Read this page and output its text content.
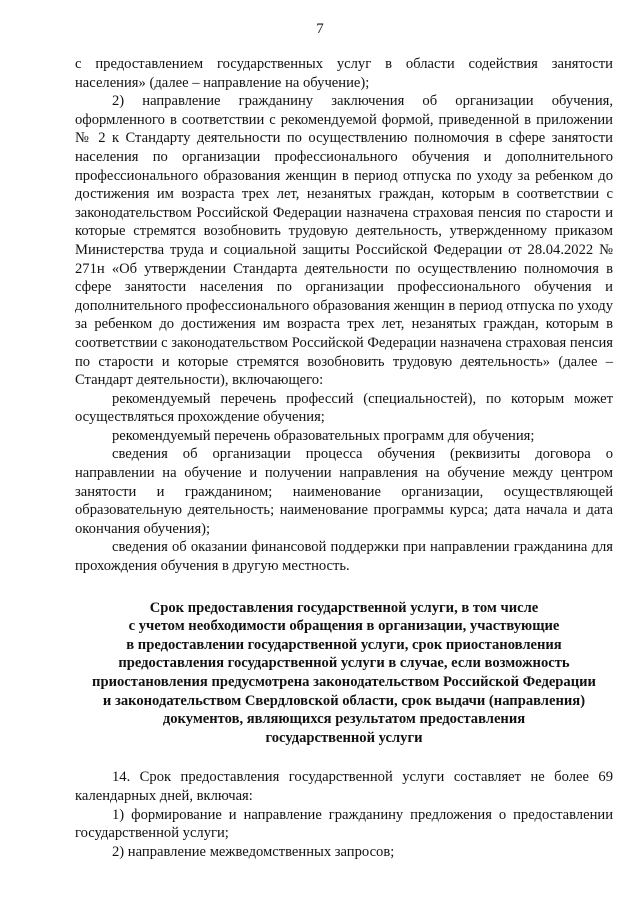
7

с предоставлением государственных услуг в области содействия занятости населения» (далее – направление на обучение);

2) направление гражданину заключения об организации обучения, оформленного в соответствии с рекомендуемой формой, приведенной в приложении № 2 к Стандарту деятельности по осуществлению полномочия в сфере занятости населения по организации профессионального обучения и дополнительного профессионального образования женщин в период отпуска по уходу за ребенком до достижения им возраста трех лет, незанятых граждан, которым в соответствии с законодательством Российской Федерации назначена страховая пенсия по старости и которые стремятся возобновить трудовую деятельность, утвержденному приказом Министерства труда и социальной защиты Российской Федерации от 28.04.2022 № 271н «Об утверждении Стандарта деятельности по осуществлению полномочия в сфере занятости населения по организации профессионального обучения и дополнительного профессионального образования женщин в период отпуска по уходу за ребенком до достижения им возраста трех лет, незанятых граждан, которым в соответствии с законодательством Российской Федерации назначена страховая пенсия по старости и которые стремятся возобновить трудовую деятельность» (далее – Стандарт деятельности), включающего:

рекомендуемый перечень профессий (специальностей), по которым может осуществляться прохождение обучения;

рекомендуемый перечень образовательных программ для обучения;

сведения об организации процесса обучения (реквизиты договора о направлении на обучение и получении направления на обучение между центром занятости и гражданином; наименование организации, осуществляющей образовательную деятельность; наименование программы курса; дата начала и дата окончания обучения);

сведения об оказании финансовой поддержки при направлении гражданина для прохождения обучения в другую местность.

Срок предоставления государственной услуги, в том числе
с учетом необходимости обращения в организации, участвующие
в предоставлении государственной услуги, срок приостановления
предоставления государственной услуги в случае, если возможность
приостановления предусмотрена законодательством Российской Федерации
и законодательством Свердловской области, срок выдачи (направления)
документов, являющихся результатом предоставления
государственной услуги

14. Срок предоставления государственной услуги составляет не более 69 календарных дней, включая:

1) формирование и направление гражданину предложения о предоставлении государственной услуги;

2) направление межведомственных запросов;
